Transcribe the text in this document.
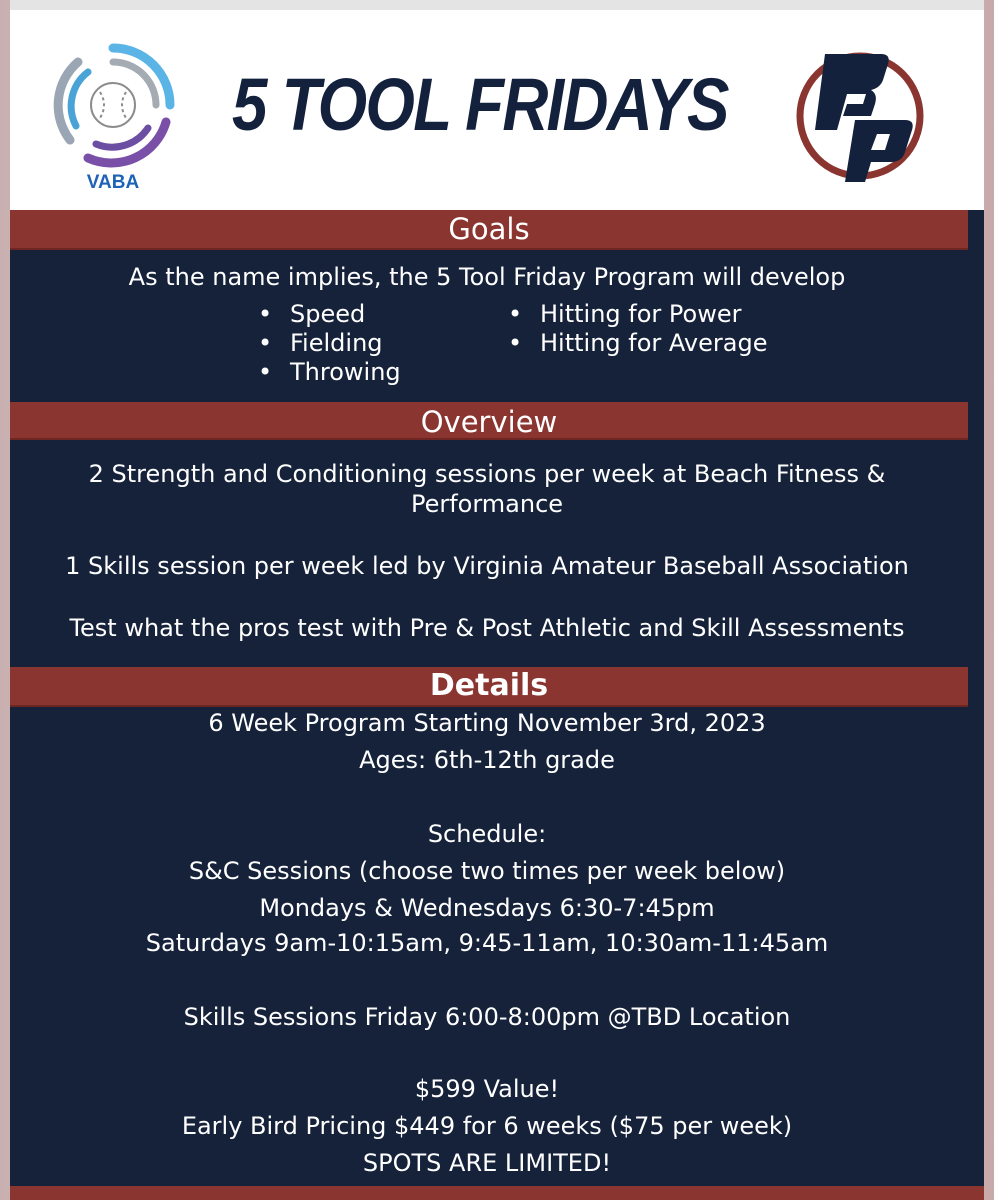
VABA
5 TOOL FRIDAYS
Goals
As the name implies, the 5 Tool Friday Program will develop
• Speed
• Fielding
• Throwing
• Hitting for Power
• Hitting for Average
Overview
2 Strength and Conditioning sessions per week at Beach Fitness &
Performance
1 Skills session per week led by Virginia Amateur Baseball Association
Test what the pros test with Pre & Post Athletic and Skill Assessments
Details
6 Week Program Starting November 3rd, 2023
Ages: 6th-12th grade
Schedule:
S&C Sessions (choose two times per week below)
Mondays & Wednesdays 6:30-7:45pm
Saturdays 9am-10:15am, 9:45-11am, 10:30am-11:45am
Skills Sessions Friday 6:00-8:00pm @TBD Location
$599 Value!
Early Bird Pricing $449 for 6 weeks ($75 per week)
SPOTS ARE LIMITED!
